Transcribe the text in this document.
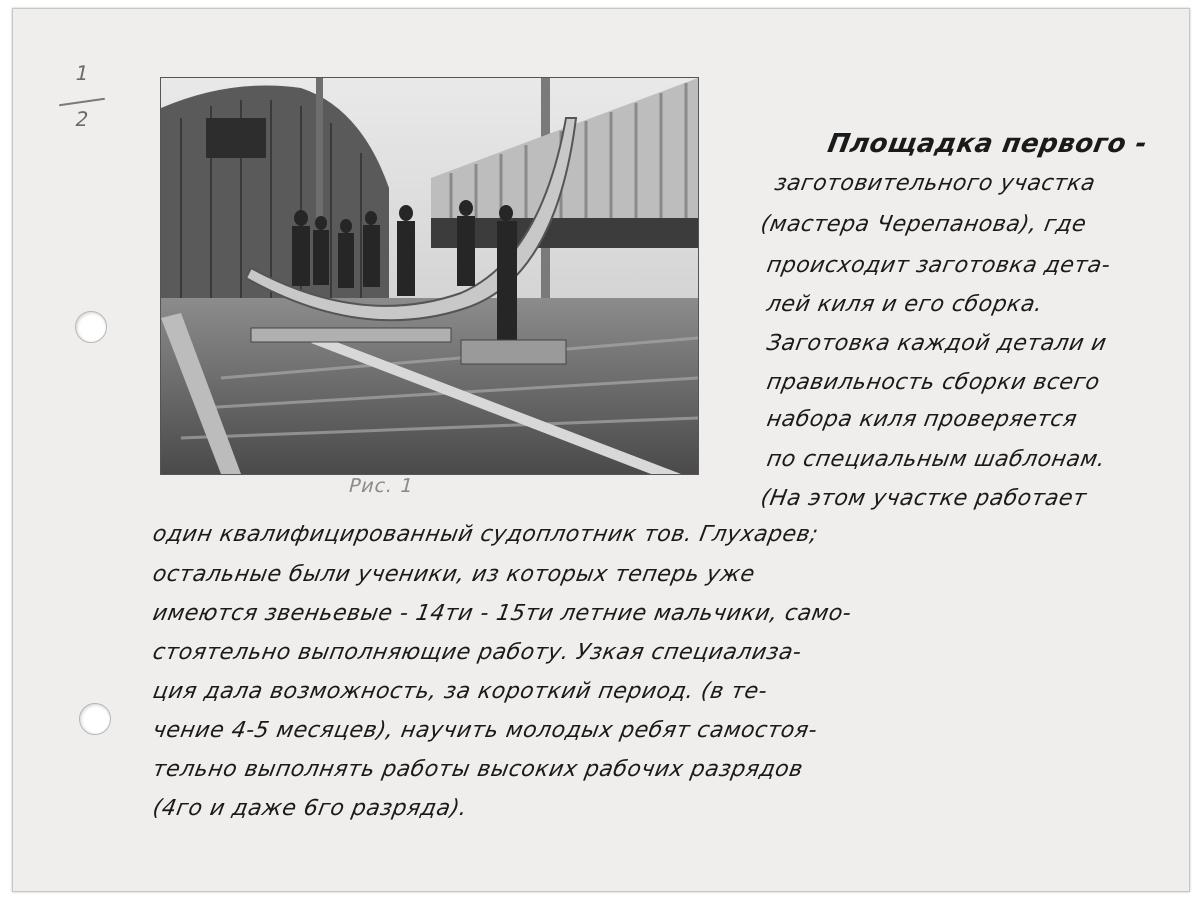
1
2
Рис. 1
Площадка первого -
заготовительного участка
(мастера Черепанова), где
происходит заготовка дета-
лей киля и его сборка.
Заготовка каждой детали и
правильность сборки всего
набора киля проверяется
по специальным шаблонам.
(На этом участке работает
один квалифицированный судоплотник тов. Глухарев;
остальные были ученики, из которых теперь уже
имеются звеньевые - 14ти - 15ти летние мальчики, само-
стоятельно выполняющие работу. Узкая специализа-
ция дала возможность, за короткий период. (в те-
чение 4-5 месяцев), научить молодых ребят самостоя-
тельно выполнять работы высоких рабочих разрядов
(4го и даже 6го разряда).
